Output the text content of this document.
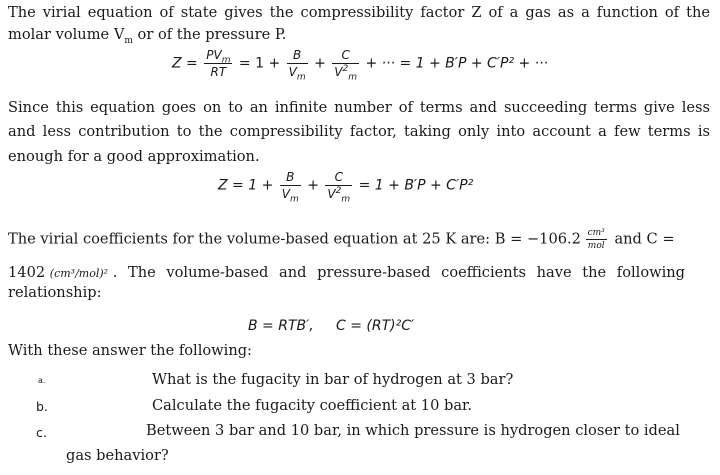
The virial equation of state gives the compressibility factor Z of a gas as a function of the
molar volume $V_m$ or of the pressure P.
$Z = \frac{PV_m}{RT} = 1 + \frac{B}{V_m} + \frac{C}{V^2_m}$ + ··· = 1 + B′P + C′P² + ···
Since this equation goes on to an infinite number of terms and succeeding terms give less
and less contribution to the compressibility factor, taking only into account a few terms is
enough for a good approximation.
$Z = 1 + \frac{B}{V_m} + \frac{C}{V^2_m} = 1 + B'P + C'P^2$
The virial coefficients for the volume-based equation at 25 K are: $B = -106.2 \frac{\text{cm³}}{\text{mol}}$ and C =
1402 (cm³/mol)² . The volume-based and pressure-based coefficients have the following
relationship:
B = RTB′,     C = (RT)²C′
With these answer the following:
a.	What is the fugacity in bar of hydrogen at 3 bar?
b.	Calculate the fugacity coefficient at 10 bar.
c.	Between 3 bar and 10 bar, in which pressure is hydrogen closer to ideal
gas behavior?
